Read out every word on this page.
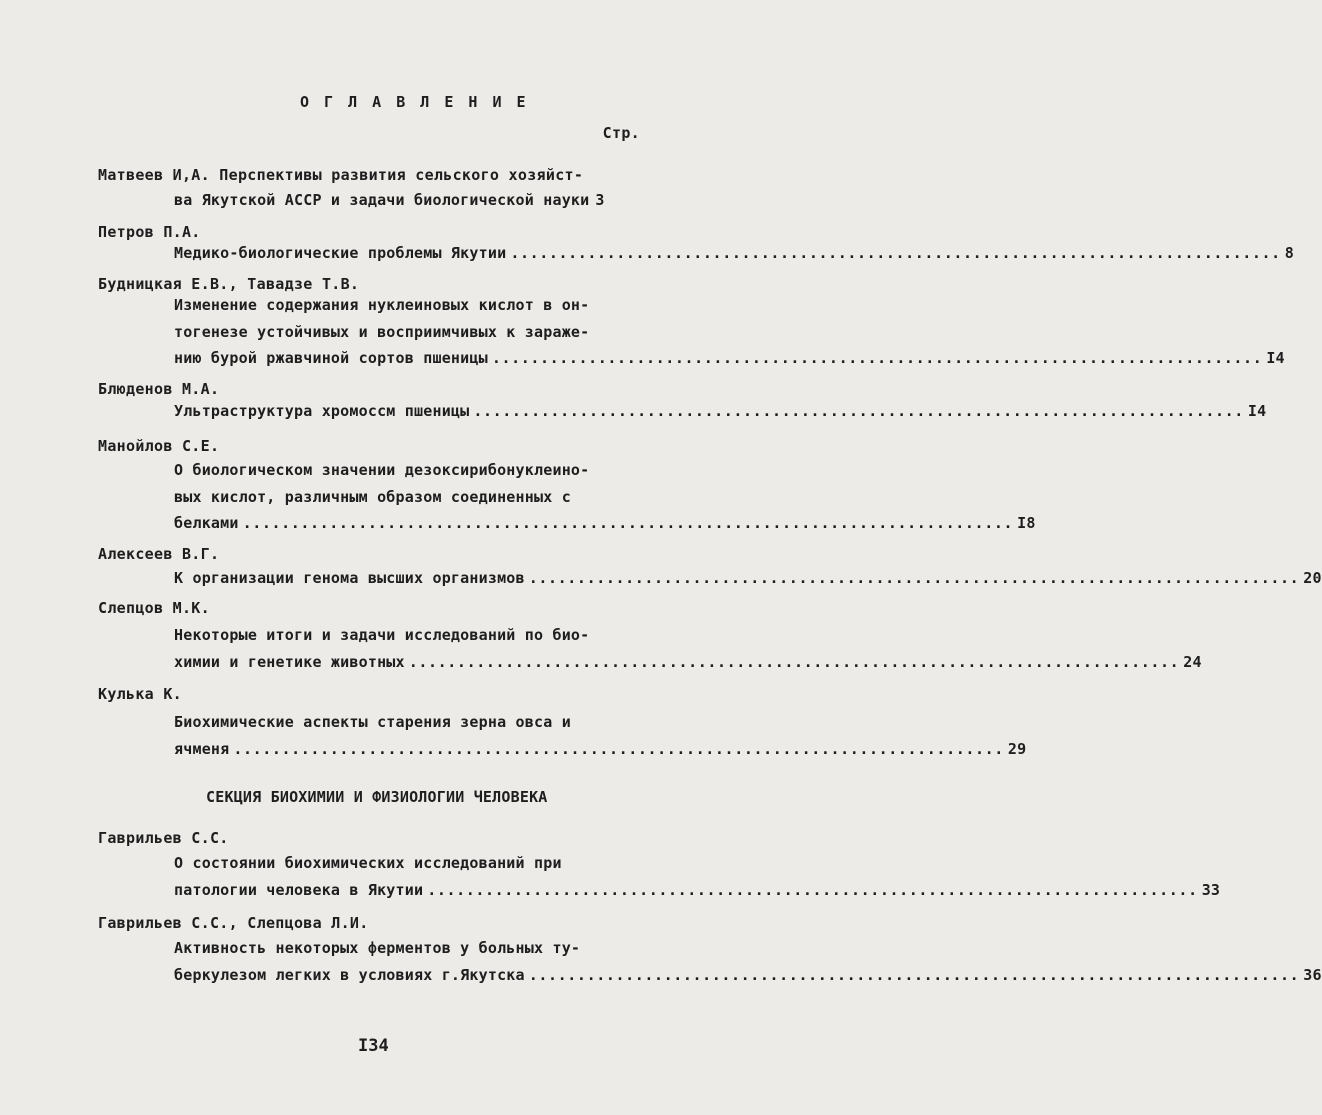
О Г Л А В Л Е Н И Е
Стр.
Матвеев И,А. Перспективы развития сельского хозяйст-
ва Якутской АССР и задачи биологической науки 3
Петров П.А.
Медико-биологические проблемы Якутии ................................................................................ 8
Будницкая Е.В., Тавадзе Т.В.
Изменение содержания нуклеиновых кислот в он-
тогенезе устойчивых и восприимчивых к зараже-
нию бурой ржавчиной сортов пшеницы ................................................................................ I4
Блюденов М.А.
Ультраструктура хромоссм пшеницы ................................................................................ I4
Манойлов С.Е.
О биологическом значении дезоксирибонуклеино-
вых кислот, различным образом соединенных с
белками ................................................................................ I8
Алексеев В.Г.
К организации генома высших организмов ................................................................................ 20
Слепцов М.К.
Некоторые итоги и задачи исследований по био-
химии и генетике животных ................................................................................ 24
Кулька К.
Биохимические аспекты старения зерна овса и
ячменя ................................................................................ 29
СЕКЦИЯ БИОХИМИИ И ФИЗИОЛОГИИ ЧЕЛОВЕКА
Гаврильев С.С.
О состоянии биохимических исследований при
патологии человека в Якутии ................................................................................ 33
Гаврильев С.С., Слепцова Л.И.
Активность некоторых ферментов у больных ту-
беркулезом легких в условиях г.Якутска ................................................................................ 36
I34
